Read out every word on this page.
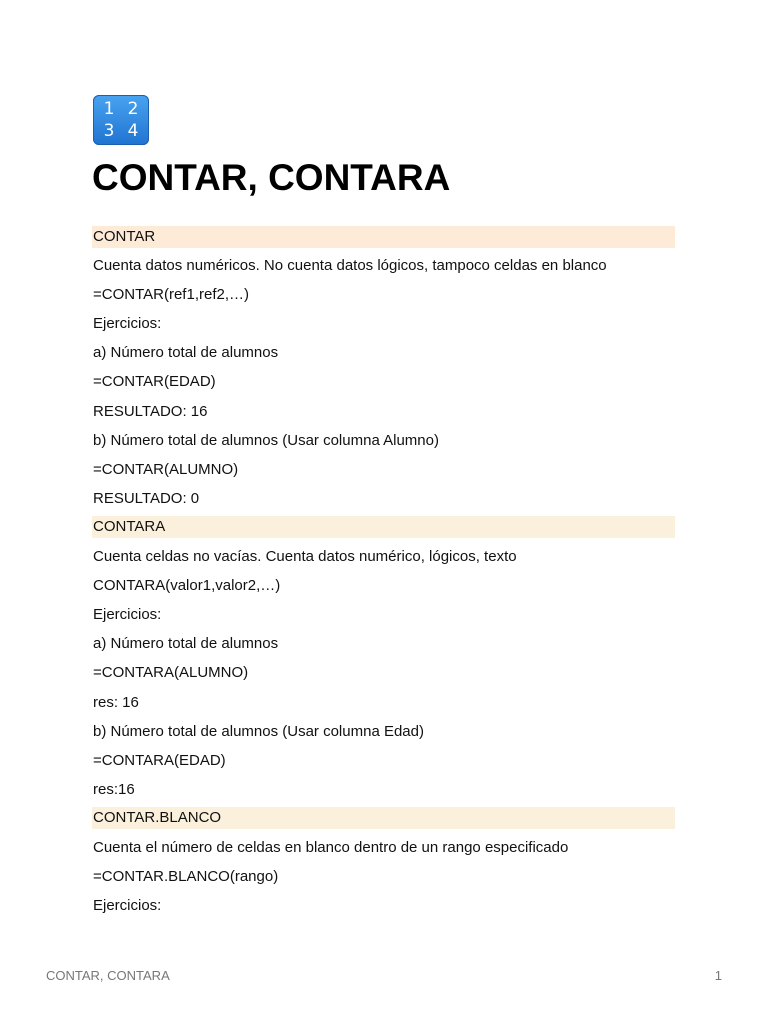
1 2
3 4
CONTAR, CONTARA
CONTAR
Cuenta datos numéricos. No cuenta datos lógicos, tampoco celdas en blanco
=CONTAR(ref1,ref2,…)
Ejercicios:
a) Número total de alumnos
=CONTAR(EDAD)
RESULTADO: 16
b) Número total de alumnos (Usar columna Alumno)
=CONTAR(ALUMNO)
RESULTADO: 0
CONTARA
Cuenta celdas no vacías. Cuenta datos numérico, lógicos, texto
CONTARA(valor1,valor2,…)
Ejercicios:
a) Número total de alumnos
=CONTARA(ALUMNO)
res: 16
b) Número total de alumnos (Usar columna Edad)
=CONTARA(EDAD)
res:16
CONTAR.BLANCO
Cuenta el número de celdas en blanco dentro de un rango especificado
=CONTAR.BLANCO(rango)
Ejercicios:
CONTAR, CONTARA	1
